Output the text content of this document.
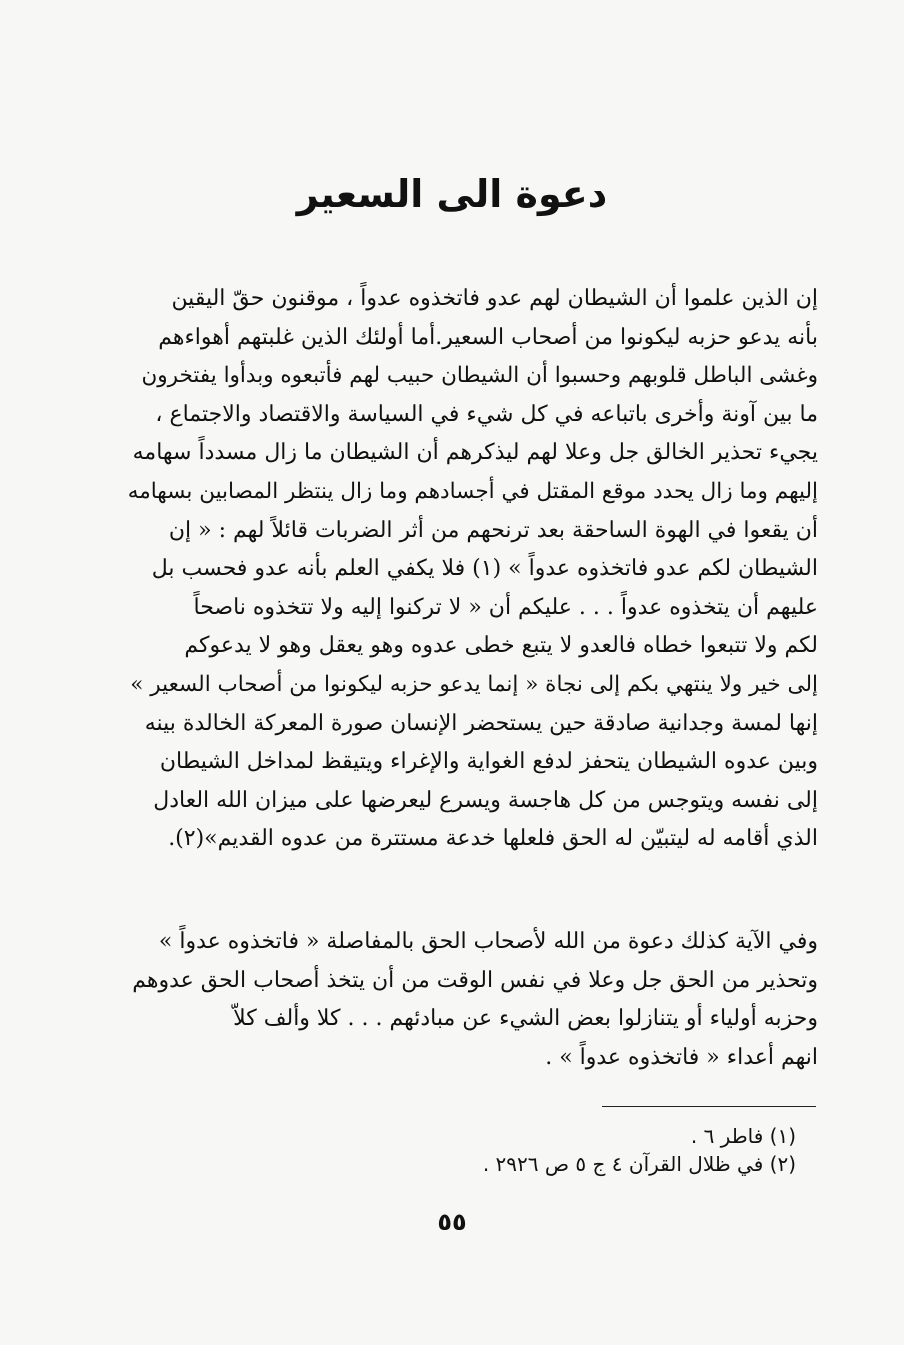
دعوة الى السعير
إن الذين علموا أن الشيطان لهم عدو فاتخذوه عدواً ، موقنون حقّ اليقين
بأنه يدعو حزبه ليكونوا من أصحاب السعير.أما أولئك الذين غلبتهم أهواءهم
وغشى الباطل قلوبهم وحسبوا أن الشيطان حبيب لهم فأتبعوه وبدأوا يفتخرون
ما بين آونة وأخرى باتباعه في كل شيء في السياسة والاقتصاد والاجتماع ،
يجيء تحذير الخالق جل وعلا لهم ليذكرهم أن الشيطان ما زال مسدداً سهامه
إليهم وما زال يحدد موقع المقتل في أجسادهم وما زال ينتظر المصابين بسهامه
أن يقعوا في الهوة الساحقة بعد ترنحهم من أثر الضربات قائلاً لهم : « إن
الشيطان لكم عدو فاتخذوه عدواً » (١) فلا يكفي العلم بأنه عدو فحسب بل
عليهم أن يتخذوه عدواً . . . عليكم أن « لا تركنوا إليه ولا تتخذوه ناصحاً
لكم ولا تتبعوا خطاه فالعدو لا يتبع خطى عدوه وهو يعقل وهو لا يدعوكم
إلى خير ولا ينتهي بكم إلى نجاة « إنما يدعو حزبه ليكونوا من أصحاب السعير »
إنها لمسة وجدانية صادقة حين يستحضر الإنسان صورة المعركة الخالدة بينه
وبين عدوه الشيطان يتحفز لدفع الغواية والإغراء ويتيقظ لمداخل الشيطان
إلى نفسه ويتوجس من كل هاجسة ويسرع ليعرضها على ميزان الله العادل
الذي أقامه له ليتبيّن له الحق فلعلها خدعة مستترة من عدوه القديم»(٢).
وفي الآية كذلك دعوة من الله لأصحاب الحق بالمفاصلة « فاتخذوه عدواً »
وتحذير من الحق جل وعلا في نفس الوقت من أن يتخذ أصحاب الحق عدوهم
وحزبه أولياء أو يتنازلوا بعض الشيء عن مبادئهم . . . كلا وألف كلاّ
انهم أعداء « فاتخذوه عدواً » .
(١) فاطر ٦ .
(٢) في ظلال القرآن ٤ ج ٥ ص ٢٩٢٦ .
٥٥
